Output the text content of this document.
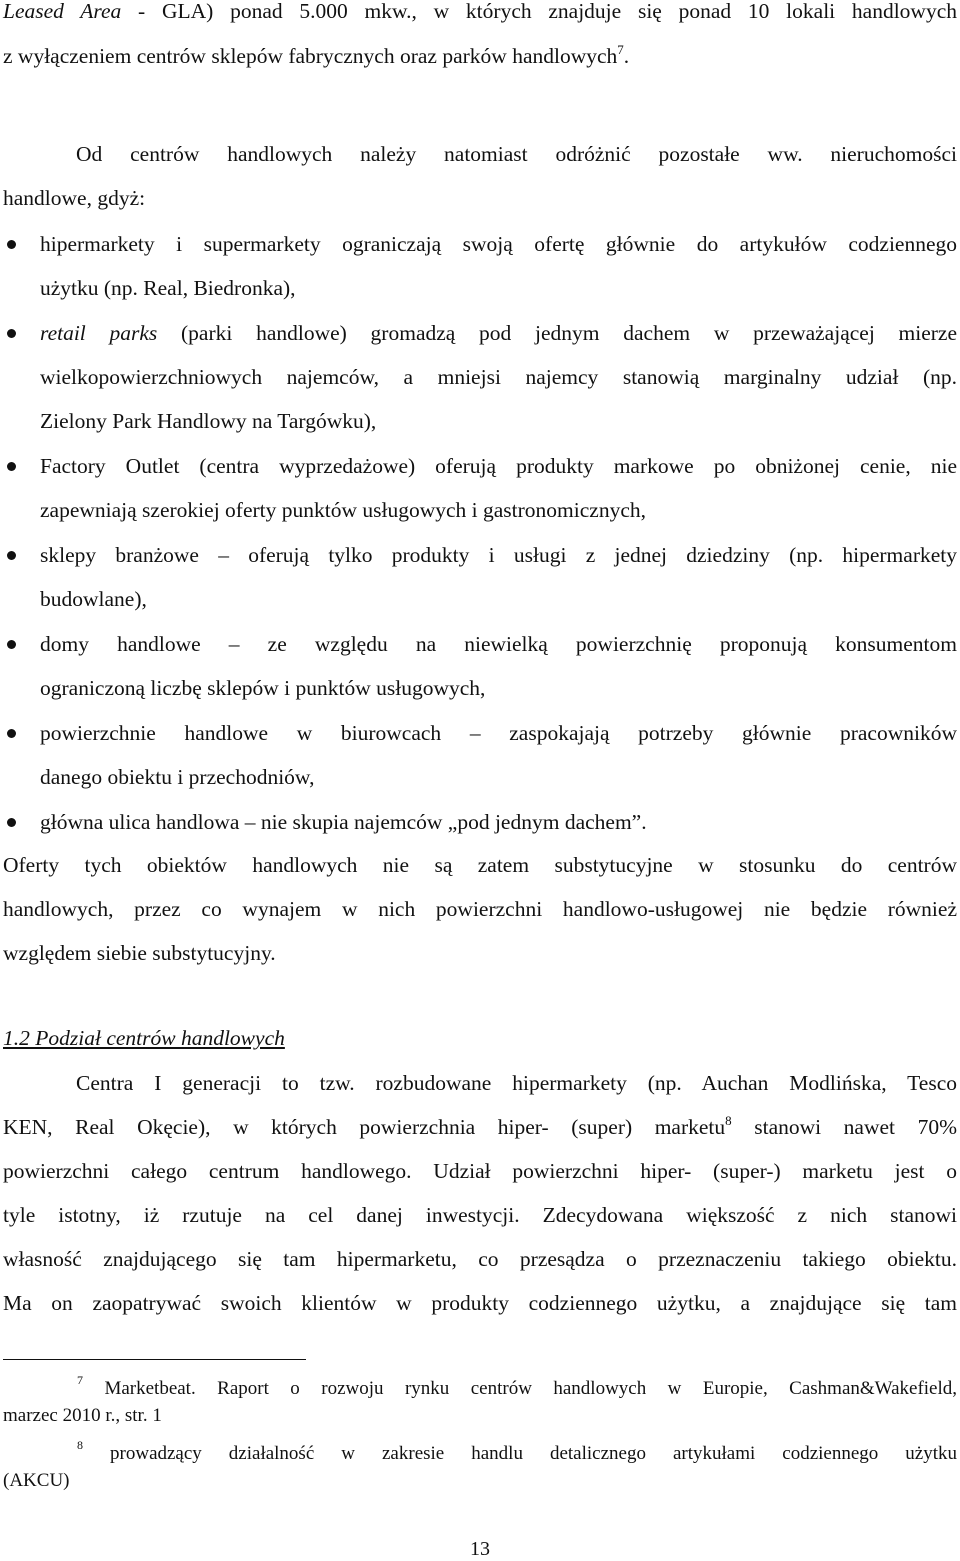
Leased Area - GLA) ponad 5.000 mkw., w których znajduje się ponad 10 lokali handlowych
z wyłączeniem centrów sklepów fabrycznych oraz parków handlowych$^7$.
Od centrów handlowych należy natomiast odróżnić pozostałe ww. nieruchomości
handlowe, gdyż:
hipermarkety i supermarkety ograniczają swoją ofertę głównie do artykułów codziennego
użytku (np. Real, Biedronka),
retail parks (parki handlowe) gromadzą pod jednym dachem w przeważającej mierze
wielkopowierzchniowych najemców, a mniejsi najemcy stanowią marginalny udział (np.
Zielony Park Handlowy na Targówku),
Factory Outlet (centra wyprzedażowe) oferują produkty markowe po obniżonej cenie, nie
zapewniają szerokiej oferty punktów usługowych i gastronomicznych,
sklepy branżowe – oferują tylko produkty i usługi z jednej dziedziny (np. hipermarkety
budowlane),
domy handlowe – ze względu na niewielką powierzchnię proponują konsumentom
ograniczoną liczbę sklepów i punktów usługowych,
powierzchnie handlowe w biurowcach – zaspokajają potrzeby głównie pracowników
danego obiektu i przechodniów,
główna ulica handlowa – nie skupia najemców „pod jednym dachem”.
Oferty tych obiektów handlowych nie są zatem substytucyjne w stosunku do centrów
handlowych, przez co wynajem w nich powierzchni handlowo-usługowej nie będzie również
względem siebie substytucyjny.
1.2 Podział centrów handlowych
Centra I generacji to tzw. rozbudowane hipermarkety (np. Auchan Modlińska, Tesco
KEN, Real Okęcie), w których powierzchnia hiper- (super) marketu$^8$ stanowi nawet 70%
powierzchni całego centrum handlowego. Udział powierzchni hiper- (super-) marketu jest o
tyle istotny, iż rzutuje na cel danej inwestycji. Zdecydowana większość z nich stanowi
własność znajdującego się tam hipermarketu, co przesądza o przeznaczeniu takiego obiektu.
Ma on zaopatrywać swoich klientów w produkty codziennego użytku, a znajdujące się tam
$^7$ Marketbeat. Raport o rozwoju rynku centrów handlowych w Europie, Cashman&Wakefield,
marzec 2010 r., str. 1
$^8$ prowadzący działalność w zakresie handlu detalicznego artykułami codziennego użytku
(AKCU)
13
